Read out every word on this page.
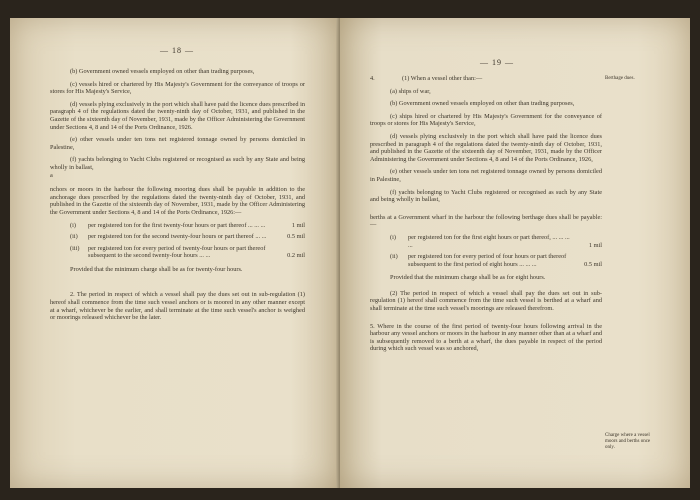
— 18 —

(b) Government owned vessels employed on other than trading purposes,

(c) vessels hired or chartered by His Majesty's Government for the conveyance of troops or stores for His Majesty's Service,

(d) vessels plying exclusively in the port which shall have paid the licence dues prescribed in paragraph 4 of the regulations dated the twenty-ninth day of October, 1931, and published in the Gazette of the sixteenth day of November, 1931, made by the Officer Administering the Government under Sections 4, 8 and 14 of the Ports Ordinance, 1926.

(e) other vessels under ten tons net registered tonnage owned by persons domiciled in Palestine,

(f) yachts belonging to Yacht Clubs registered or recognised as such by any State and being wholly in ballast,

a

nchors or moors in the harbour the following mooring dues shall be payable in addition to the anchorage dues prescribed by the regulations dated the twenty-ninth day of October, 1931, and published in the Gazette of the sixteenth day of November, 1931, made by the Officer Administering the Government under Sections 4, 8 and 14 of the Ports Ordinance, 1926:—

(i)	per registered ton for the first twenty-four hours or part thereof ... ... ...	1 mil
(ii)	per registered ton for the second twenty-four hours or part thereof ... ...	0.5 mil
(iii)	per registered ton for every period of twenty-four hours or part thereof subsequent to the second twenty-four hours ... ...	0.2 mil

Provided that the minimum charge shall be as for twenty-four hours.

2. The period in respect of which a vessel shall pay the dues set out in sub-regulation (1) hereof shall commence from the time such vessel anchors or is moored in any other manner except at a wharf, whichever be the earlier, and shall terminate at the time such vessel's anchor is weighed or moorings released whichever be the later.

— 19 —
Berthage dues.
4.	(1) When a vessel other than:—

(a) ships of war,

(b) Government owned vessels employed on other than trading purposes,

(c) ships hired or chartered by His Majesty's Government for the conveyance of troops or stores for His Majesty's Service,

(d) vessels plying exclusively in the port which shall have paid the licence dues prescribed in paragraph 4 of the regulations dated the twenty-ninth day of October, 1931, and published in the Gazette of the sixteenth day of November, 1931, made by the Officer Administering the Government under Sections 4, 8 and 14 of the Ports Ordinance, 1926,

(e) other vessels under ten tons net registered tonnage owned by persons domiciled in Palestine,

(f) yachts belonging to Yacht Clubs registered or recognised as such by any State and being wholly in ballast,

berths at a Government wharf in the harbour the following berthage dues shall be payable:—

(i)	per registered ton for the first eight hours or part thereof, ... ... ... ...	1 mil
(ii)	per registered ton for every period of four hours or part thereof subsequent to the first period of eight hours ... ... ...	0.5 mil

Provided that the minimum charge shall be as for eight hours.

(2) The period in respect of which a vessel shall pay the dues set out in sub-regulation (1) hereof shall commence from the time such vessel is berthed at a wharf and shall terminate at the time such vessel's moorings are released therefrom.

5. Where in the course of the first period of twenty-four hours following arrival in the harbour any vessel anchors or moors in the harbour in any manner other than at a wharf and is subsequently removed to a berth at a wharf, the dues payable in respect of the period during which such vessel was so anchored,

Charge where a vessel moors and berths once only.
